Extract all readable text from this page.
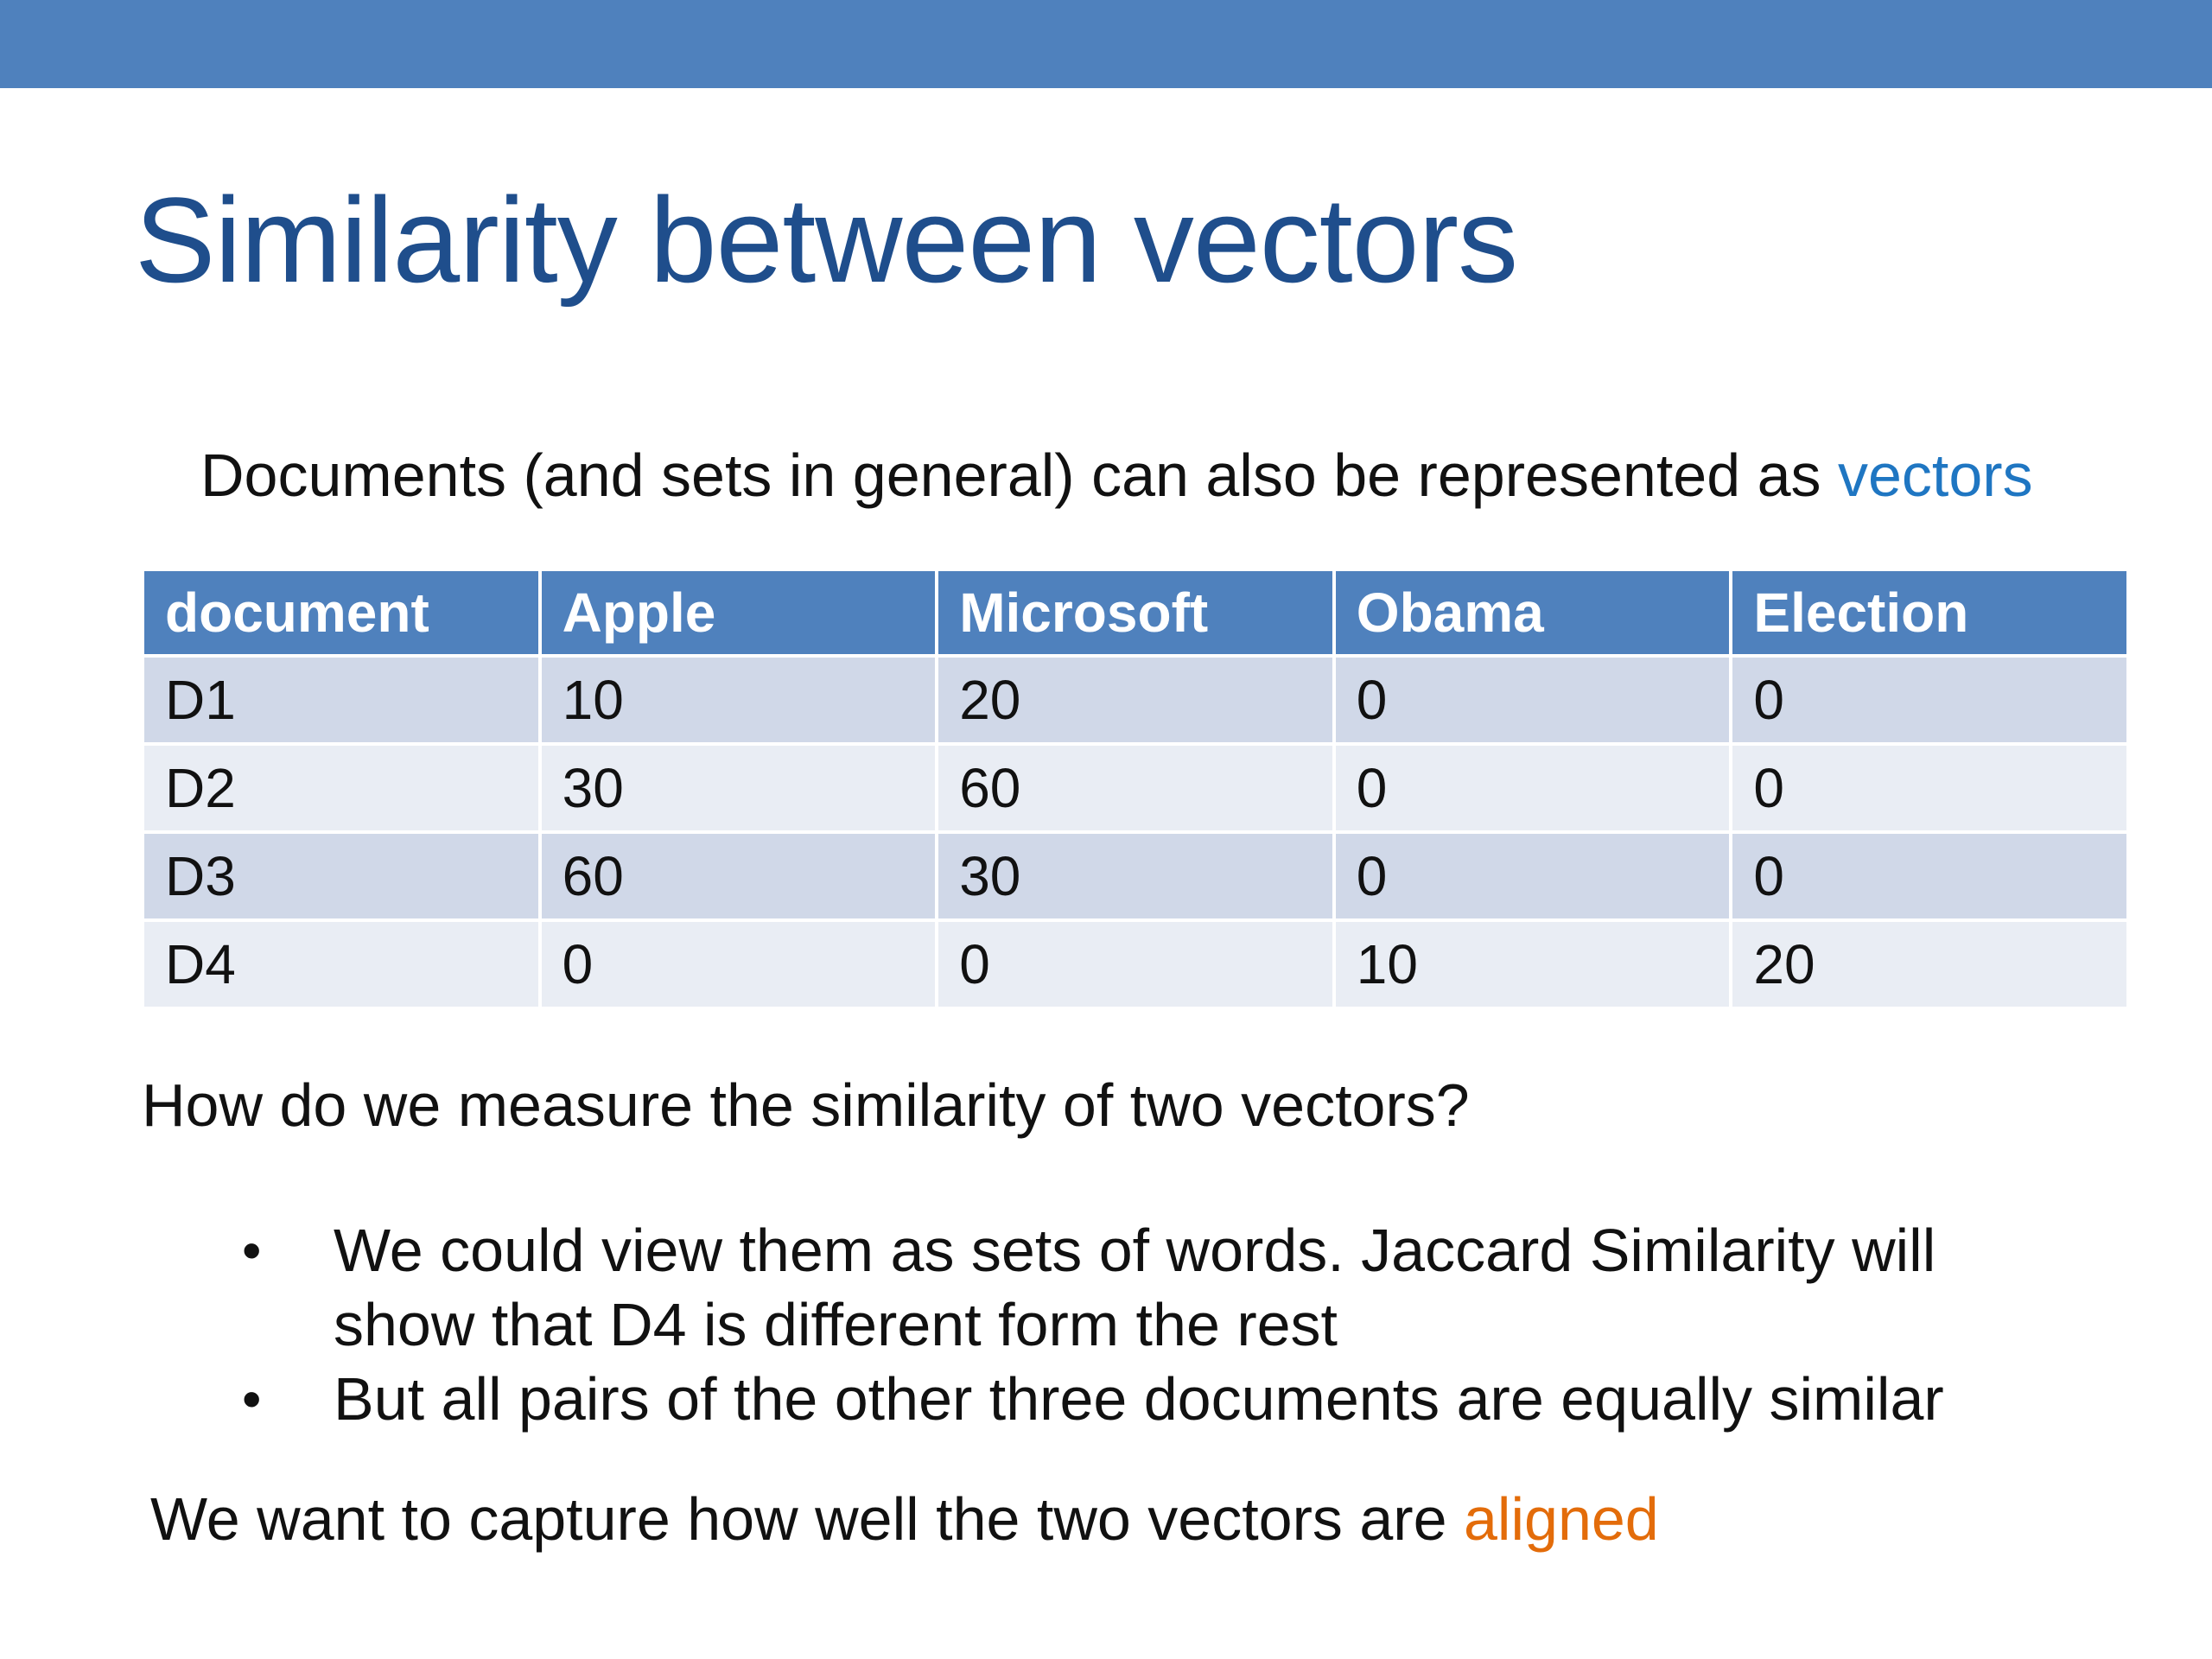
Similarity between vectors

Documents (and sets in general) can also be represented as vectors

document	Apple	Microsoft	Obama	Election
D1	10	20	0	0
D2	30	60	0	0
D3	60	30	0	0
D4	0	0	10	20

How do we measure the similarity of two vectors?

• We could view them as sets of words. Jaccard Similarity will show that D4 is different form the rest
• But all pairs of the other three documents are equally similar

We want to capture how well the two vectors are aligned
